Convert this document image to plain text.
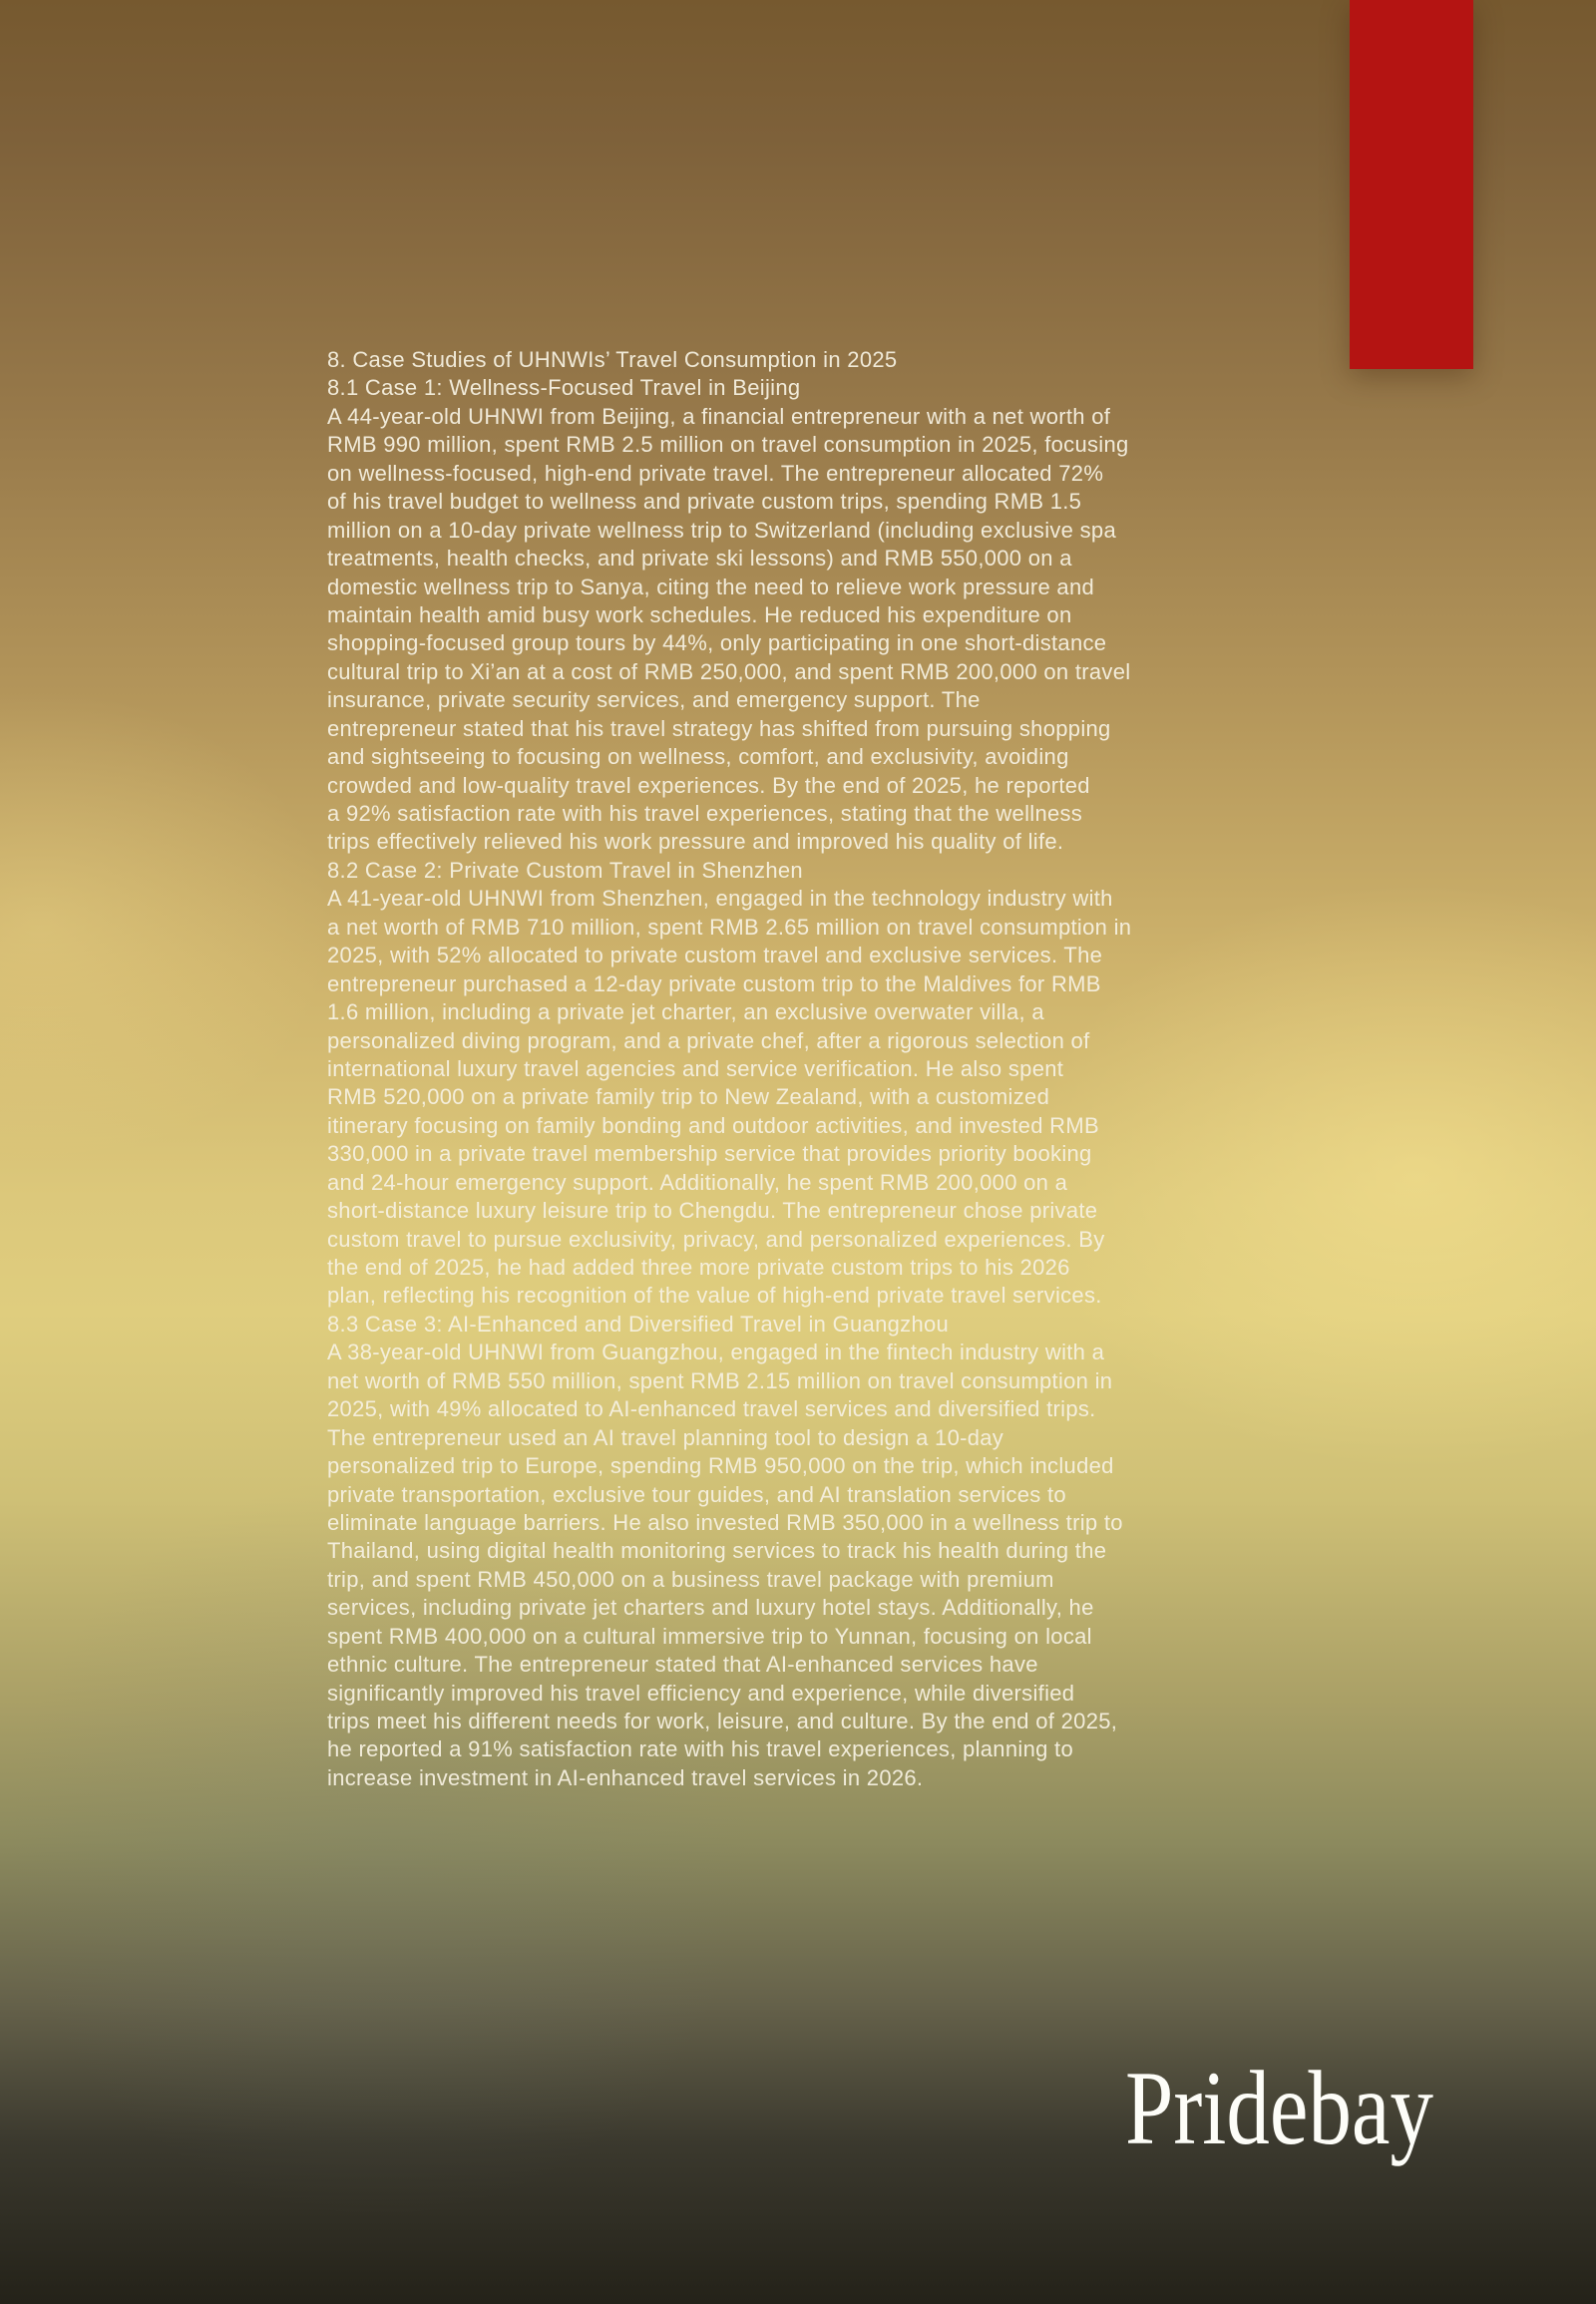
8. Case Studies of UHNWIs’ Travel Consumption in 2025
8.1 Case 1: Wellness-Focused Travel in Beijing
A 44-year-old UHNWI from Beijing, a financial entrepreneur with a net worth of
RMB 990 million, spent RMB 2.5 million on travel consumption in 2025, focusing
on wellness-focused, high-end private travel. The entrepreneur allocated 72%
of his travel budget to wellness and private custom trips, spending RMB 1.5
million on a 10-day private wellness trip to Switzerland (including exclusive spa
treatments, health checks, and private ski lessons) and RMB 550,000 on a
domestic wellness trip to Sanya, citing the need to relieve work pressure and
maintain health amid busy work schedules. He reduced his expenditure on
shopping-focused group tours by 44%, only participating in one short-distance
cultural trip to Xi’an at a cost of RMB 250,000, and spent RMB 200,000 on travel
insurance, private security services, and emergency support. The
entrepreneur stated that his travel strategy has shifted from pursuing shopping
and sightseeing to focusing on wellness, comfort, and exclusivity, avoiding
crowded and low-quality travel experiences. By the end of 2025, he reported
a 92% satisfaction rate with his travel experiences, stating that the wellness
trips effectively relieved his work pressure and improved his quality of life.
8.2 Case 2: Private Custom Travel in Shenzhen
A 41-year-old UHNWI from Shenzhen, engaged in the technology industry with
a net worth of RMB 710 million, spent RMB 2.65 million on travel consumption in
2025, with 52% allocated to private custom travel and exclusive services. The
entrepreneur purchased a 12-day private custom trip to the Maldives for RMB
1.6 million, including a private jet charter, an exclusive overwater villa, a
personalized diving program, and a private chef, after a rigorous selection of
international luxury travel agencies and service verification. He also spent
RMB 520,000 on a private family trip to New Zealand, with a customized
itinerary focusing on family bonding and outdoor activities, and invested RMB
330,000 in a private travel membership service that provides priority booking
and 24-hour emergency support. Additionally, he spent RMB 200,000 on a
short-distance luxury leisure trip to Chengdu. The entrepreneur chose private
custom travel to pursue exclusivity, privacy, and personalized experiences. By
the end of 2025, he had added three more private custom trips to his 2026
plan, reflecting his recognition of the value of high-end private travel services.
8.3 Case 3: AI-Enhanced and Diversified Travel in Guangzhou
A 38-year-old UHNWI from Guangzhou, engaged in the fintech industry with a
net worth of RMB 550 million, spent RMB 2.15 million on travel consumption in
2025, with 49% allocated to AI-enhanced travel services and diversified trips.
The entrepreneur used an AI travel planning tool to design a 10-day
personalized trip to Europe, spending RMB 950,000 on the trip, which included
private transportation, exclusive tour guides, and AI translation services to
eliminate language barriers. He also invested RMB 350,000 in a wellness trip to
Thailand, using digital health monitoring services to track his health during the
trip, and spent RMB 450,000 on a business travel package with premium
services, including private jet charters and luxury hotel stays. Additionally, he
spent RMB 400,000 on a cultural immersive trip to Yunnan, focusing on local
ethnic culture. The entrepreneur stated that AI-enhanced services have
significantly improved his travel efficiency and experience, while diversified
trips meet his different needs for work, leisure, and culture. By the end of 2025,
he reported a 91% satisfaction rate with his travel experiences, planning to
increase investment in AI-enhanced travel services in 2026.
Pridebay
